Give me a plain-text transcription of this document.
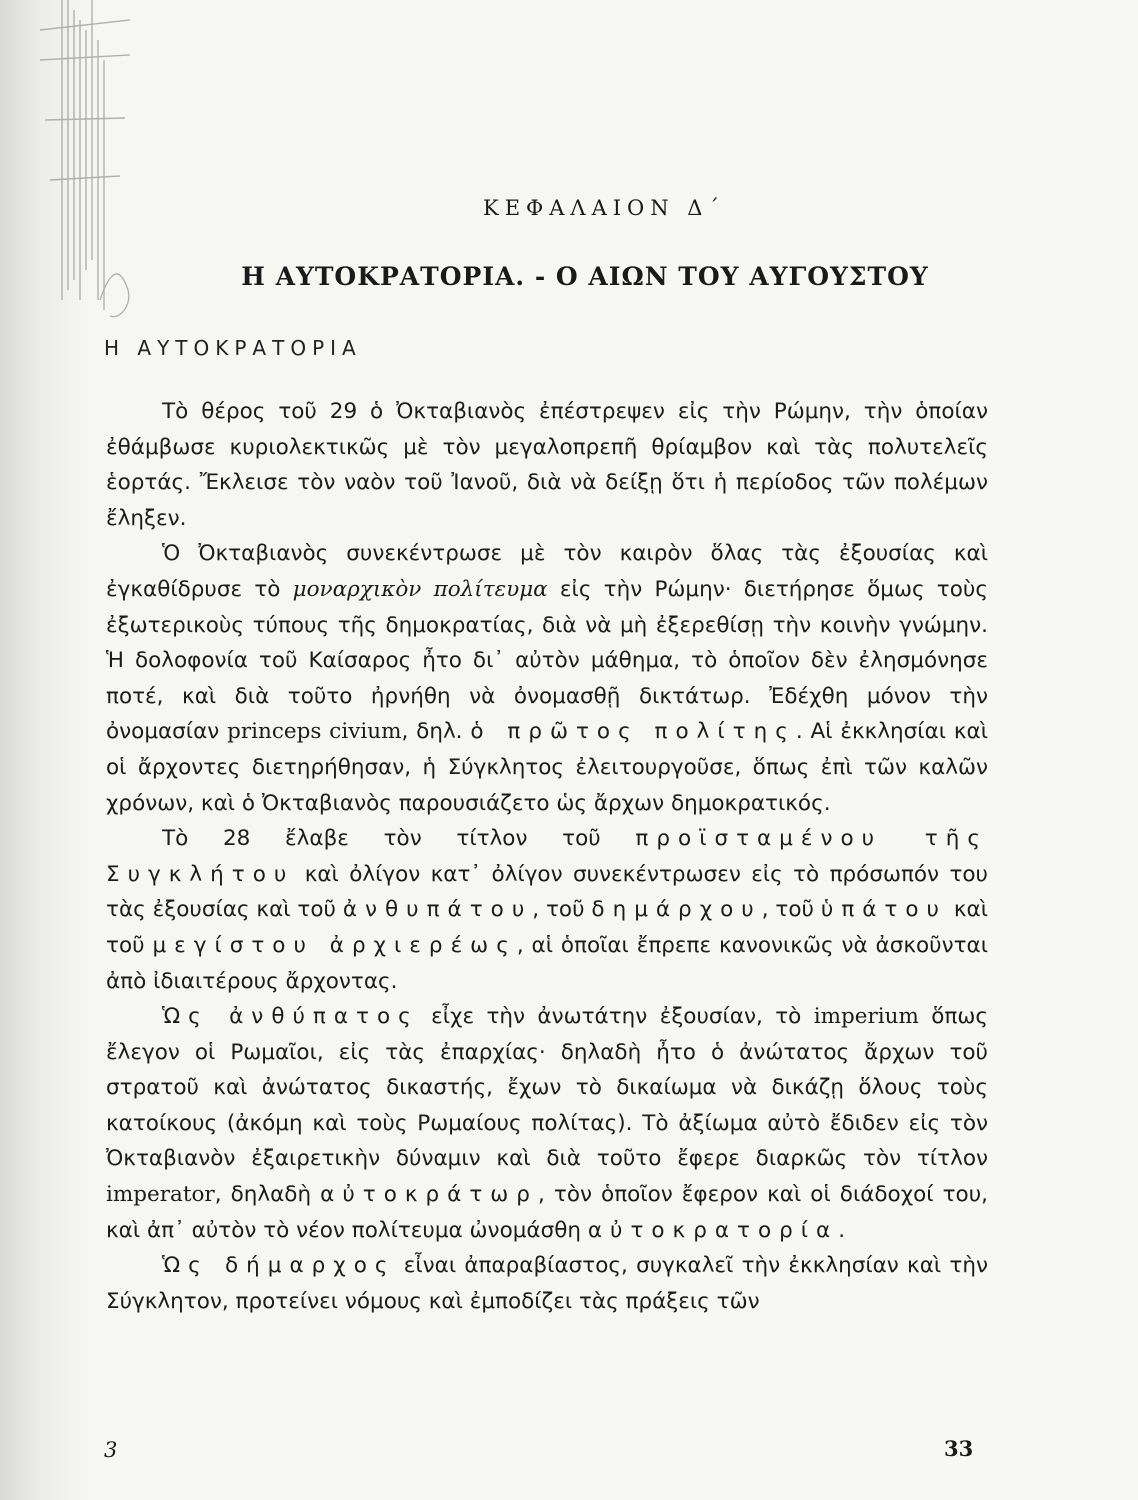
ΚΕΦΑΛΑΙΟΝ Δ΄
Η ΑΥΤΟΚΡΑΤΟΡΙΑ. - Ο ΑΙΩΝ ΤΟΥ ΑΥΓΟΥΣΤΟΥ
Η ΑΥΤΟΚΡΑΤΟΡΙΑ

Τὸ θέρος τοῦ 29 ὁ Ὀκταβιανὸς ἐπέστρεψεν εἰς τὴν Ρώμην, τὴν ὁποίαν ἐθάμβωσε κυριολεκτικῶς μὲ τὸν μεγαλοπρεπῆ θρίαμβον καὶ τὰς πολυτελεῖς ἑορτάς. Ἔκλεισε τὸν ναὸν τοῦ Ἰανοῦ, διὰ νὰ δείξῃ ὅτι ἡ περίοδος τῶν πολέμων ἔληξεν.

Ὁ Ὀκταβιανὸς συνεκέντρωσε μὲ τὸν καιρὸν ὅλας τὰς ἐξουσίας καὶ ἐγκαθίδρυσε τὸ μοναρχικὸν πολίτευμα εἰς τὴν Ρώμην· διετήρησε ὅμως τοὺς ἐξωτερικοὺς τύπους τῆς δημοκρατίας, διὰ νὰ μὴ ἐξερεθίσῃ τὴν κοινὴν γνώμην. Ἡ δολοφονία τοῦ Καίσαρος ἦτο δι᾽ αὐτὸν μάθημα, τὸ ὁποῖον δὲν ἐλησμόνησε ποτέ, καὶ διὰ τοῦτο ἠρνήθη νὰ ὀνομασθῇ δικτάτωρ. Ἐδέχθη μόνον τὴν ὀνομασίαν princeps civium, δηλ. ὁ πρῶτος πολίτης. Αἱ ἐκκλησίαι καὶ οἱ ἄρχοντες διετηρήθησαν, ἡ Σύγκλητος ἐλειτουργοῦσε, ὅπως ἐπὶ τῶν καλῶν χρόνων, καὶ ὁ Ὀκταβιανὸς παρουσιάζετο ὡς ἄρχων δημοκρατικός.

Τὸ 28 ἔλαβε τὸν τίτλον τοῦ προϊσταμένου τῆς Συγκλήτου καὶ ὀλίγον κατ᾽ ὀλίγον συνεκέντρωσεν εἰς τὸ πρόσωπόν του τὰς ἐξουσίας καὶ τοῦ ἀνθυπάτου, τοῦ δημάρχου, τοῦ ὑπάτου καὶ τοῦ μεγίστου ἀρχιερέως, αἱ ὁποῖαι ἔπρεπε κανονικῶς νὰ ἀσκοῦνται ἀπὸ ἰδιαιτέρους ἄρχοντας.

Ὡς ἀνθύπατος εἶχε τὴν ἀνωτάτην ἐξουσίαν, τὸ imperium ὅπως ἔλεγον οἱ Ρωμαῖοι, εἰς τὰς ἐπαρχίας· δηλαδὴ ἦτο ὁ ἀνώτατος ἄρχων τοῦ στρατοῦ καὶ ἀνώτατος δικαστής, ἔχων τὸ δικαίωμα νὰ δικάζῃ ὅλους τοὺς κατοίκους (ἀκόμη καὶ τοὺς Ρωμαίους πολίτας). Τὸ ἀξίωμα αὐτὸ ἔδιδεν εἰς τὸν Ὀκταβιανὸν ἐξαιρετικὴν δύναμιν καὶ διὰ τοῦτο ἔφερε διαρκῶς τὸν τίτλον imperator, δηλαδὴ αὐτοκράτωρ, τὸν ὁποῖον ἔφερον καὶ οἱ διάδοχοί του, καὶ ἀπ᾽ αὐτὸν τὸ νέον πολίτευμα ὠνομάσθη αὐτοκρατορία.

Ὡς δήμαρχος εἶναι ἀπαραβίαστος, συγκαλεῖ τὴν ἐκκλησίαν καὶ τὴν Σύγκλητον, προτείνει νόμους καὶ ἐμποδίζει τὰς πράξεις τῶν

3	33
